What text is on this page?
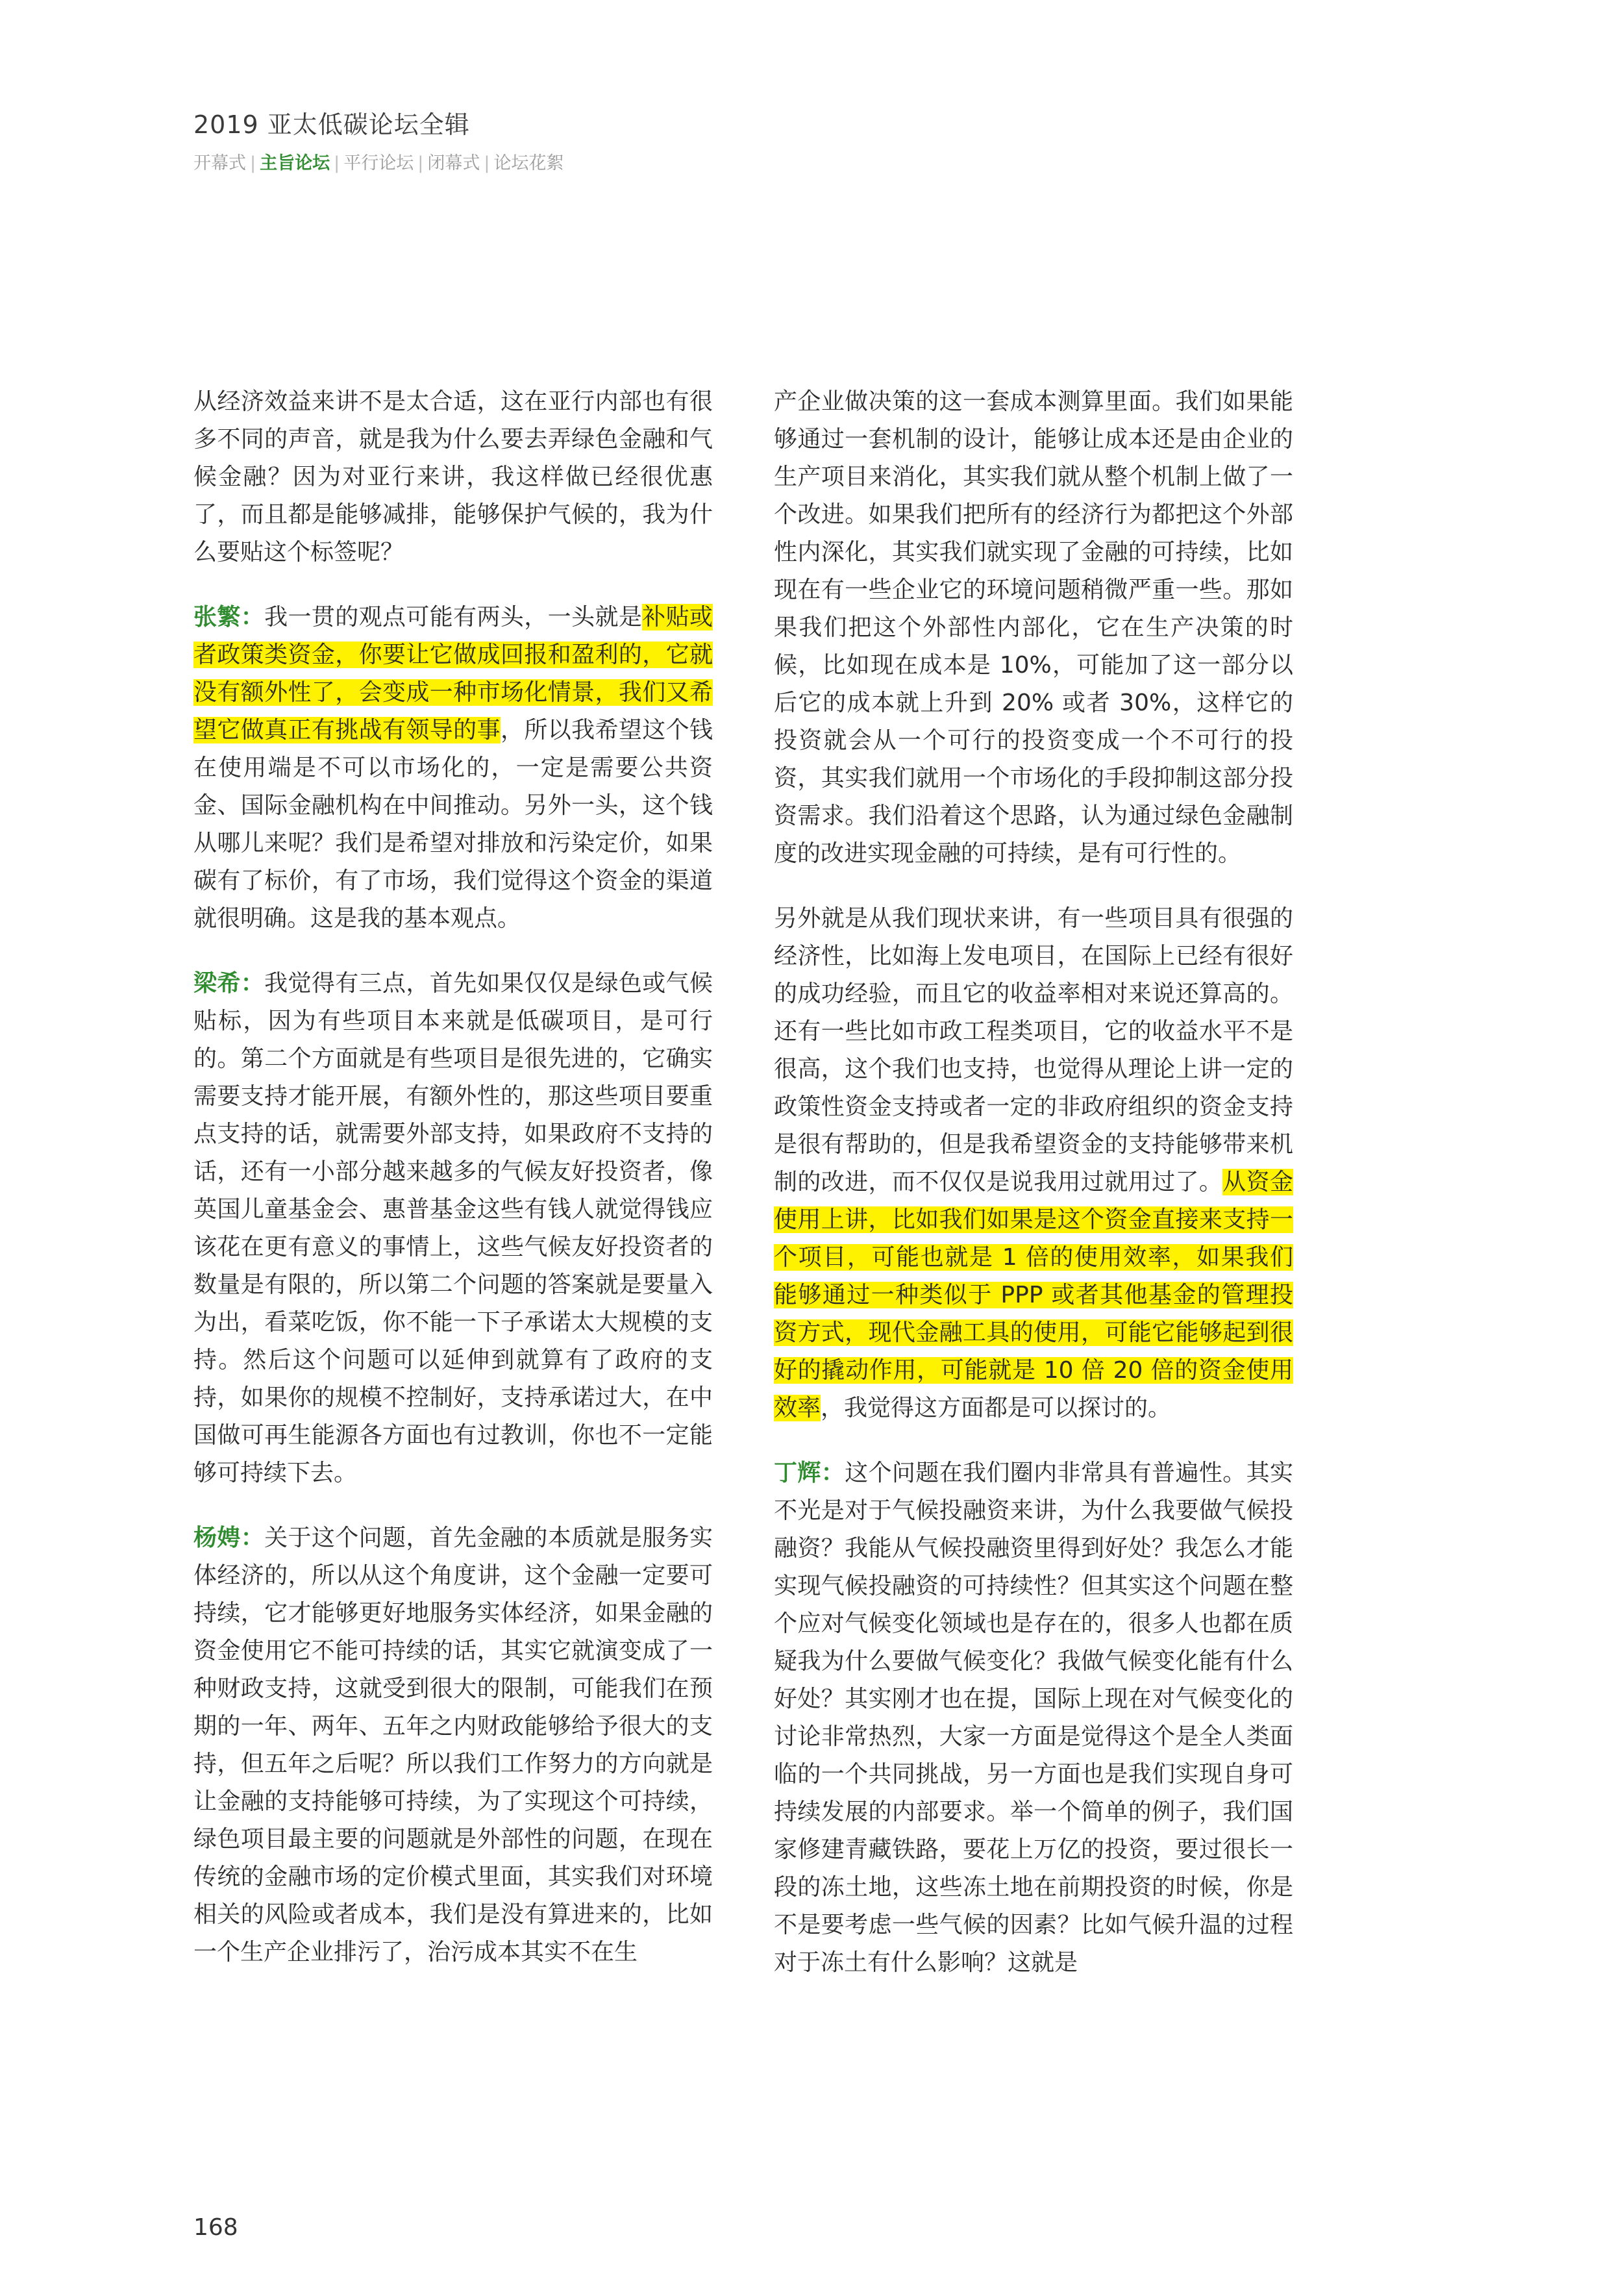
2019 亚太低碳论坛全辑
开幕式 | 主旨论坛 | 平行论坛 | 闭幕式 | 论坛花絮

从经济效益来讲不是太合适，这在亚行内部也有很多不同的声音，就是我为什么要去弄绿色金融和气候金融？因为对亚行来讲，我这样做已经很优惠了，而且都是能够减排，能够保护气候的，我为什么要贴这个标签呢？

张繁：我一贯的观点可能有两头，一头就是补贴或者政策类资金，你要让它做成回报和盈利的，它就没有额外性了，会变成一种市场化情景，我们又希望它做真正有挑战有领导的事，所以我希望这个钱在使用端是不可以市场化的，一定是需要公共资金、国际金融机构在中间推动。另外一头，这个钱从哪儿来呢？我们是希望对排放和污染定价，如果碳有了标价，有了市场，我们觉得这个资金的渠道就很明确。这是我的基本观点。

梁希：我觉得有三点，首先如果仅仅是绿色或气候贴标，因为有些项目本来就是低碳项目，是可行的。第二个方面就是有些项目是很先进的，它确实需要支持才能开展，有额外性的，那这些项目要重点支持的话，就需要外部支持，如果政府不支持的话，还有一小部分越来越多的气候友好投资者，像英国儿童基金会、惠普基金这些有钱人就觉得钱应该花在更有意义的事情上，这些气候友好投资者的数量是有限的，所以第二个问题的答案就是要量入为出，看菜吃饭，你不能一下子承诺太大规模的支持。然后这个问题可以延伸到就算有了政府的支持，如果你的规模不控制好，支持承诺过大，在中国做可再生能源各方面也有过教训，你也不一定能够可持续下去。

杨娉：关于这个问题，首先金融的本质就是服务实体经济的，所以从这个角度讲，这个金融一定要可持续，它才能够更好地服务实体经济，如果金融的资金使用它不能可持续的话，其实它就演变成了一种财政支持，这就受到很大的限制，可能我们在预期的一年、两年、五年之内财政能够给予很大的支持，但五年之后呢？所以我们工作努力的方向就是让金融的支持能够可持续，为了实现这个可持续，绿色项目最主要的问题就是外部性的问题，在现在传统的金融市场的定价模式里面，其实我们对环境相关的风险或者成本，我们是没有算进来的，比如一个生产企业排污了，治污成本其实不在生

产企业做决策的这一套成本测算里面。我们如果能够通过一套机制的设计，能够让成本还是由企业的生产项目来消化，其实我们就从整个机制上做了一个改进。如果我们把所有的经济行为都把这个外部性内深化，其实我们就实现了金融的可持续，比如现在有一些企业它的环境问题稍微严重一些。那如果我们把这个外部性内部化，它在生产决策的时候，比如现在成本是 10%，可能加了这一部分以后它的成本就上升到 20% 或者 30%，这样它的投资就会从一个可行的投资变成一个不可行的投资，其实我们就用一个市场化的手段抑制这部分投资需求。我们沿着这个思路，认为通过绿色金融制度的改进实现金融的可持续，是有可行性的。

另外就是从我们现状来讲，有一些项目具有很强的经济性，比如海上发电项目，在国际上已经有很好的成功经验，而且它的收益率相对来说还算高的。还有一些比如市政工程类项目，它的收益水平不是很高，这个我们也支持，也觉得从理论上讲一定的政策性资金支持或者一定的非政府组织的资金支持是很有帮助的，但是我希望资金的支持能够带来机制的改进，而不仅仅是说我用过就用过了。从资金使用上讲，比如我们如果是这个资金直接来支持一个项目，可能也就是 1 倍的使用效率，如果我们能够通过一种类似于 PPP 或者其他基金的管理投资方式，现代金融工具的使用，可能它能够起到很好的撬动作用，可能就是 10 倍 20 倍的资金使用效率，我觉得这方面都是可以探讨的。

丁辉：这个问题在我们圈内非常具有普遍性。其实不光是对于气候投融资来讲，为什么我要做气候投融资？我能从气候投融资里得到好处？我怎么才能实现气候投融资的可持续性？但其实这个问题在整个应对气候变化领域也是存在的，很多人也都在质疑我为什么要做气候变化？我做气候变化能有什么好处？其实刚才也在提，国际上现在对气候变化的讨论非常热烈，大家一方面是觉得这个是全人类面临的一个共同挑战，另一方面也是我们实现自身可持续发展的内部要求。举一个简单的例子，我们国家修建青藏铁路，要花上万亿的投资，要过很长一段的冻土地，这些冻土地在前期投资的时候，你是不是要考虑一些气候的因素？比如气候升温的过程对于冻土有什么影响？这就是

168
